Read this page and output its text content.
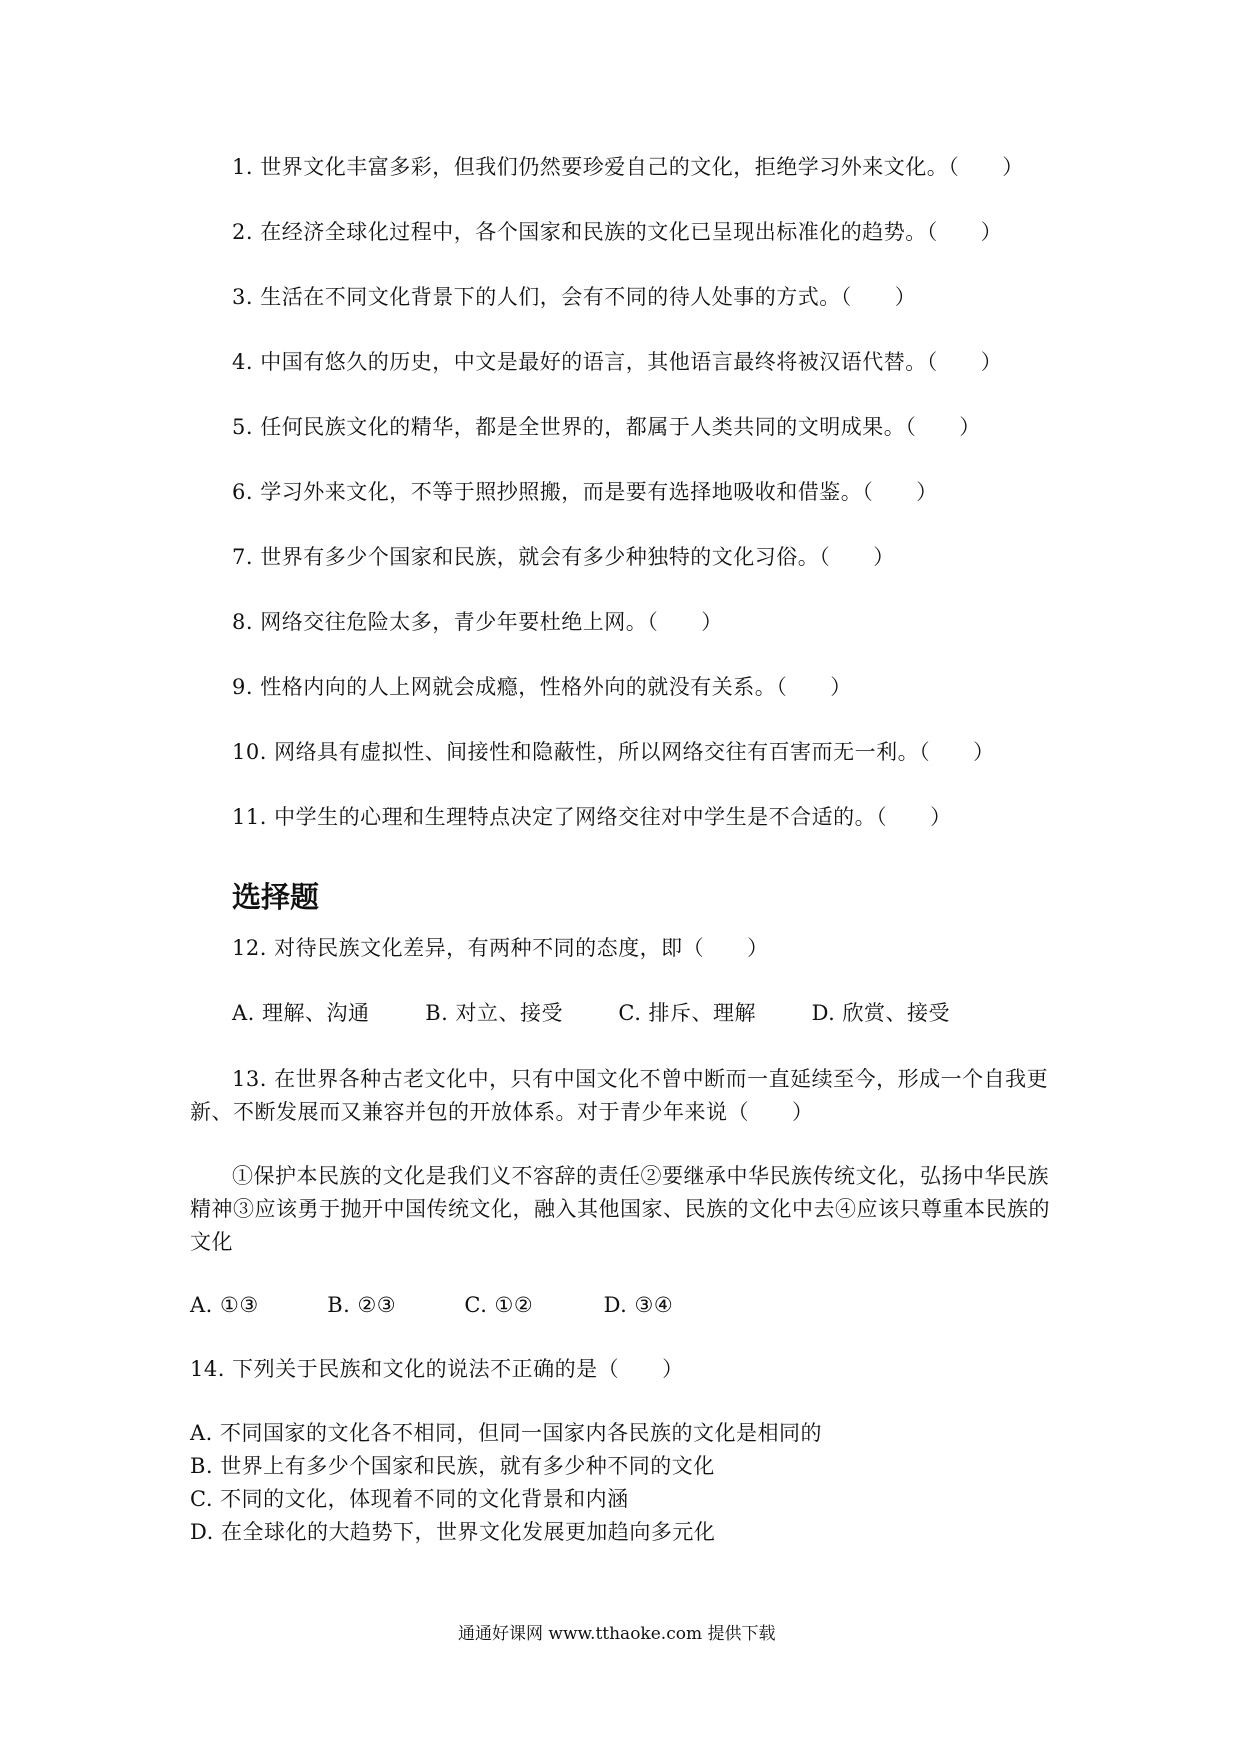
1. 世界文化丰富多彩，但我们仍然要珍爱自己的文化，拒绝学习外来文化。（　　）
2. 在经济全球化过程中，各个国家和民族的文化已呈现出标准化的趋势。（　　）
3. 生活在不同文化背景下的人们，会有不同的待人处事的方式。（　　）
4. 中国有悠久的历史，中文是最好的语言，其他语言最终将被汉语代替。（　　）
5. 任何民族文化的精华，都是全世界的，都属于人类共同的文明成果。（　　）
6. 学习外来文化，不等于照抄照搬，而是要有选择地吸收和借鉴。（　　）
7. 世界有多少个国家和民族，就会有多少种独特的文化习俗。（　　）
8. 网络交往危险太多，青少年要杜绝上网。（　　）
9. 性格内向的人上网就会成瘾，性格外向的就没有关系。（　　）
10. 网络具有虚拟性、间接性和隐蔽性，所以网络交往有百害而无一利。（　　）
11. 中学生的心理和生理特点决定了网络交往对中学生是不合适的。（　　）
选择题
12. 对待民族文化差异，有两种不同的态度，即（　　）
A. 理解、沟通	B. 对立、接受	C. 排斥、理解	D. 欣赏、接受
13. 在世界各种古老文化中，只有中国文化不曾中断而一直延续至今，形成一个自我更新、不断发展而又兼容并包的开放体系。对于青少年来说（　　）
①保护本民族的文化是我们义不容辞的责任②要继承中华民族传统文化，弘扬中华民族精神③应该勇于抛开中国传统文化，融入其他国家、民族的文化中去④应该只尊重本民族的文化
A. ①③	B. ②③	C. ①②	D. ③④
14. 下列关于民族和文化的说法不正确的是（　　）
A. 不同国家的文化各不相同，但同一国家内各民族的文化是相同的
B. 世界上有多少个国家和民族，就有多少种不同的文化
C. 不同的文化，体现着不同的文化背景和内涵
D. 在全球化的大趋势下，世界文化发展更加趋向多元化
通通好课网 www.tthaoke.com 提供下载
